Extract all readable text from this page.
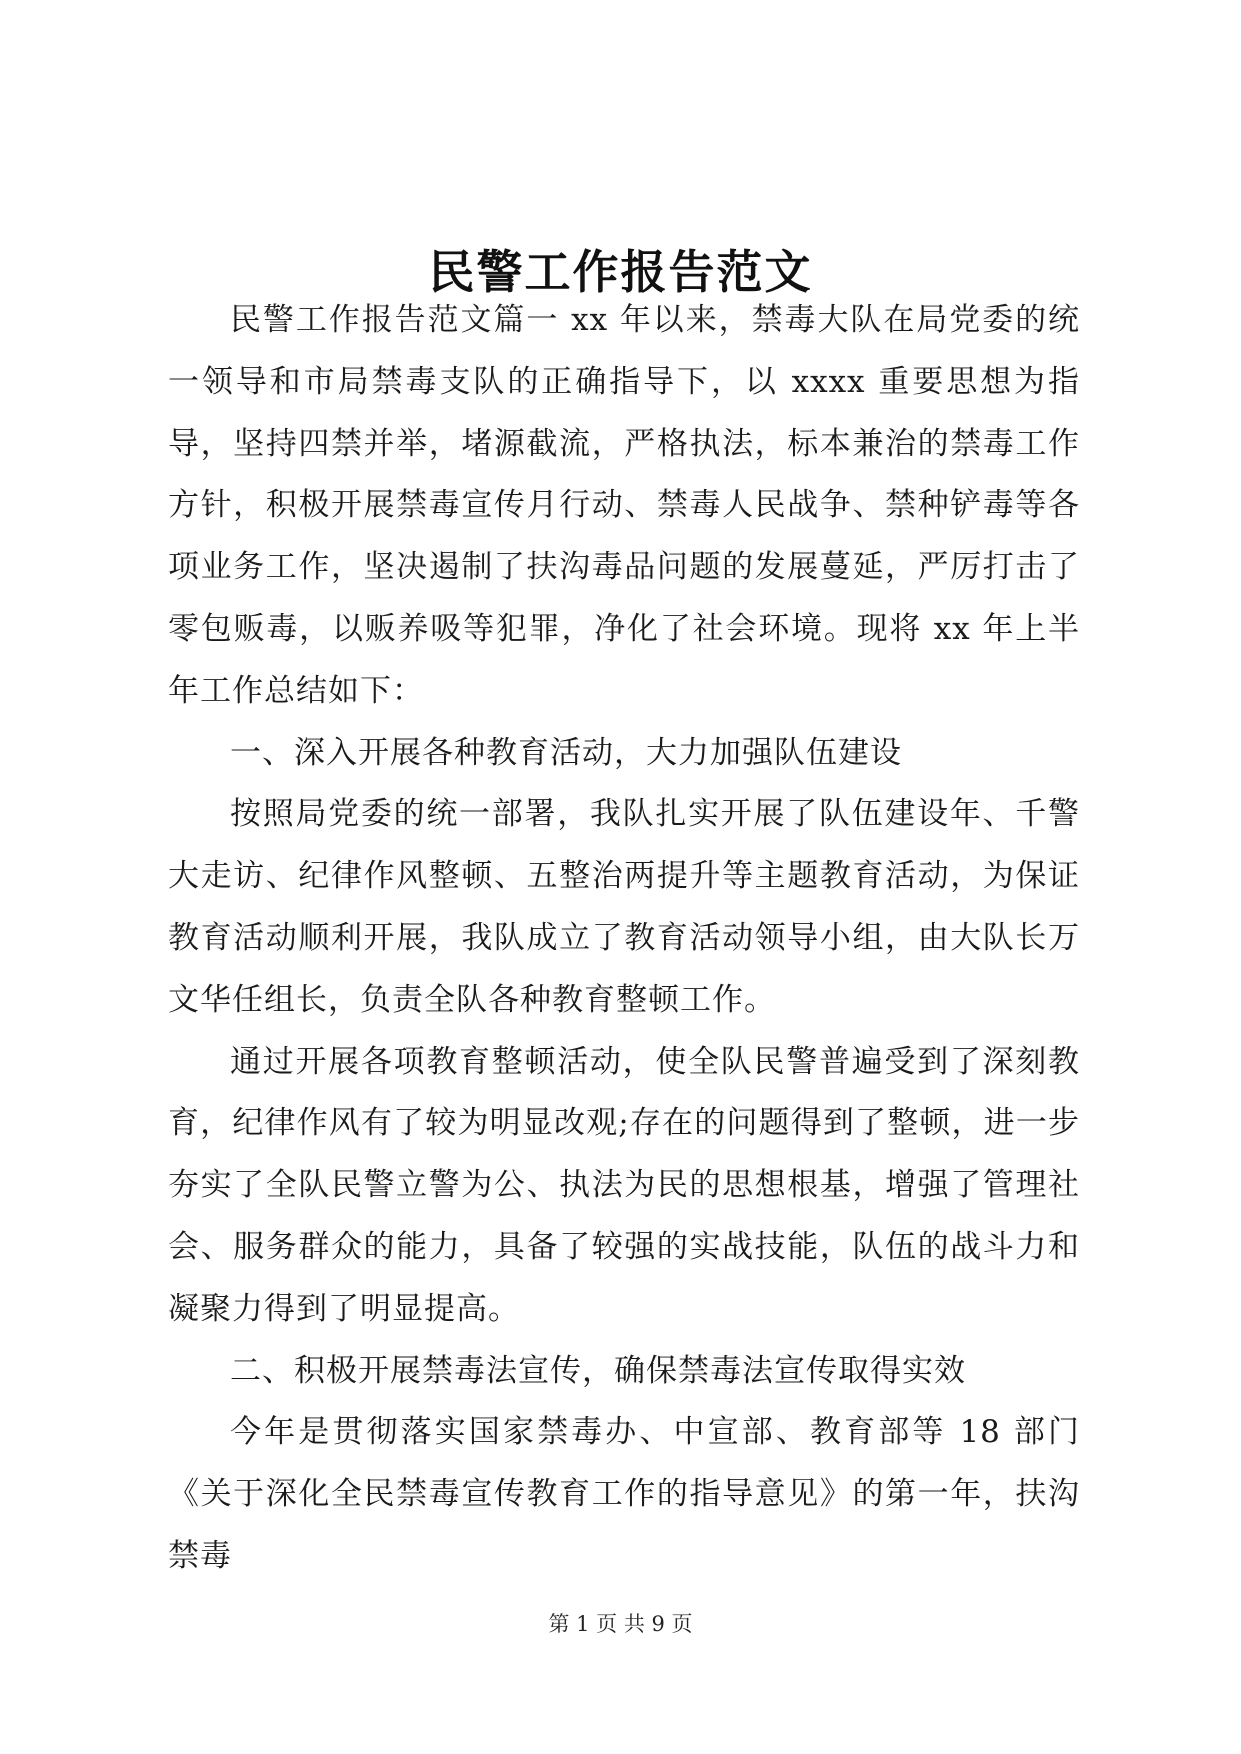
民警工作报告范文

民警工作报告范文篇一 xx 年以来，禁毒大队在局党委的统一领导和市局禁毒支队的正确指导下，以 xxxx 重要思想为指导，坚持四禁并举，堵源截流，严格执法，标本兼治的禁毒工作方针，积极开展禁毒宣传月行动、禁毒人民战争、禁种铲毒等各项业务工作，坚决遏制了扶沟毒品问题的发展蔓延，严厉打击了零包贩毒，以贩养吸等犯罪，净化了社会环境。现将 xx 年上半年工作总结如下：

一、深入开展各种教育活动，大力加强队伍建设

按照局党委的统一部署，我队扎实开展了队伍建设年、千警大走访、纪律作风整顿、五整治两提升等主题教育活动，为保证教育活动顺利开展，我队成立了教育活动领导小组，由大队长万文华任组长，负责全队各种教育整顿工作。

通过开展各项教育整顿活动，使全队民警普遍受到了深刻教育，纪律作风有了较为明显改观;存在的问题得到了整顿，进一步夯实了全队民警立警为公、执法为民的思想根基，增强了管理社会、服务群众的能力，具备了较强的实战技能，队伍的战斗力和凝聚力得到了明显提高。

二、积极开展禁毒法宣传，确保禁毒法宣传取得实效

今年是贯彻落实国家禁毒办、中宣部、教育部等 18 部门《关于深化全民禁毒宣传教育工作的指导意见》的第一年，扶沟禁毒

第 1 页 共 9 页
